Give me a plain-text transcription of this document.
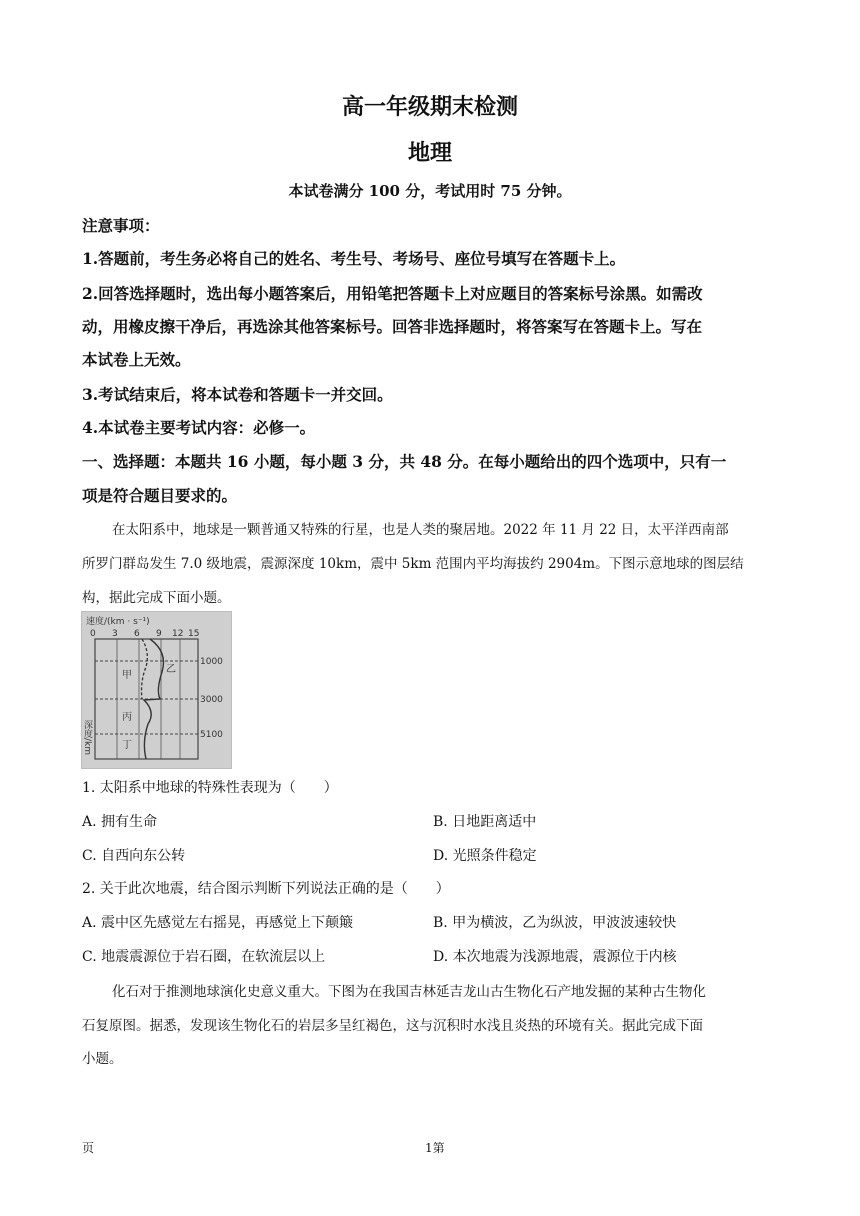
高一年级期末检测
地理
本试卷满分 100 分，考试用时 75 分钟。
注意事项：
1.答题前，考生务必将自己的姓名、考生号、考场号、座位号填写在答题卡上。
2.回答选择题时，选出每小题答案后，用铅笔把答题卡上对应题目的答案标号涂黑。如需改
动，用橡皮擦干净后，再选涂其他答案标号。回答非选择题时，将答案写在答题卡上。写在
本试卷上无效。
3.考试结束后，将本试卷和答题卡一并交回。
4.本试卷主要考试内容：必修一。
一、选择题：本题共 16 小题，每小题 3 分，共 48 分。在每小题给出的四个选项中，只有一
项是符合题目要求的。
在太阳系中，地球是一颗普通又特殊的行星，也是人类的聚居地。2022 年 11 月 22 日，太平洋西南部
所罗门群岛发生 7.0 级地震，震源深度 10km，震中 5km 范围内平均海拔约 2904m。下图示意地球的图层结
构，据此完成下面小题。
速度/(km · s⁻¹)
0 3 6 9 12 15
1000
3000
5100
甲
乙
丙
丁
深度/km
1. 太阳系中地球的特殊性表现为（　　）
A. 拥有生命	B. 日地距离适中
C. 自西向东公转	D. 光照条件稳定
2. 关于此次地震，结合图示判断下列说法正确的是（　　）
A. 震中区先感觉左右摇晃，再感觉上下颠簸	B. 甲为横波，乙为纵波，甲波波速较快
C. 地震震源位于岩石圈，在软流层以上	D. 本次地震为浅源地震，震源位于内核
化石对于推测地球演化史意义重大。下图为在我国吉林延吉龙山古生物化石产地发掘的某种古生物化
石复原图。据悉，发现该生物化石的岩层多呈红褐色，这与沉积时水浅且炎热的环境有关。据此完成下面
小题。
页	1第
